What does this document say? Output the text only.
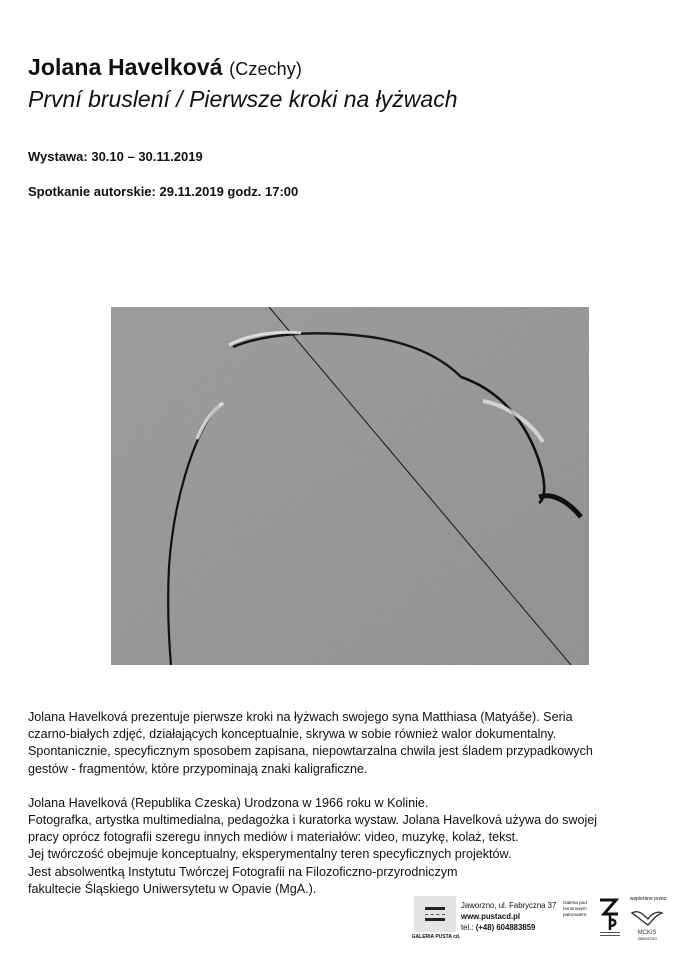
Jolana Havelková (Czechy)
První bruslení / Pierwsze kroki na łyżwach
Wystawa: 30.10 – 30.11.2019
Spotkanie autorskie: 29.11.2019 godz. 17:00

Jolana Havelková prezentuje pierwsze kroki na łyżwach swojego syna Matthiasa (Matyáše). Seria

czarno-białych zdjęć, działających konceptualnie, skrywa w sobie również walor dokumentalny.

Spontanicznie, specyficznym sposobem zapisana, niepowtarzalna chwila jest śladem przypadkowych

gestów - fragmentów, które przypominają znaki kaligraficzne.

Jolana Havelková (Republika Czeska) Urodzona w 1966 roku w Kolinie.

Fotografka, artystka multimedialna, pedagożka i kuratorka wystaw. Jolana Havelková używa do swojej

pracy oprócz fotografii szeregu innych mediów i materiałów: video, muzykę, kolaż, tekst.

Jej twórczość obejmuje konceptualny, eksperymentalny teren specyficznych projektów.

Jest absolwentką Instytutu Twórczej Fotografii na Filozoficzno-przyrodniczym

fakultecie Śląskiego Uniwersytetu w Opavie (MgA.).

GALERIA PUSTA cd.
Jaworzno, ul. Fabryczna 37
www.pustacd.pl
tel.: (+48) 604883859
Galeria pod honorowym patronatem:
wspierane przez:
MCKiS
Jaworzno
